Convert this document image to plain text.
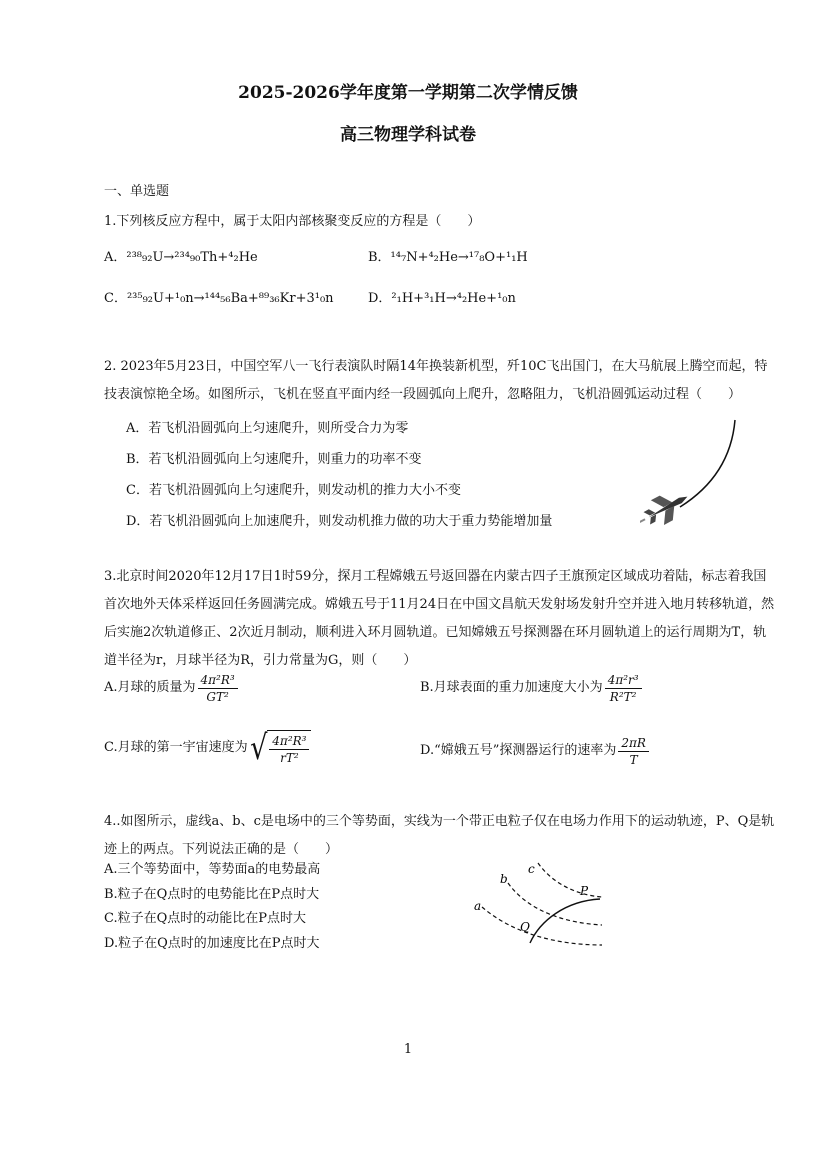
2025-2026学年度第一学期第二次学情反馈
高三物理学科试卷
一、单选题
1.下列核反应方程中，属于太阳内部核聚变反应的方程是（　　）
A．²³⁸₉₂U→²³⁴₉₀Th+⁴₂He	B．¹⁴₇N+⁴₂He→¹⁷₈O+¹₁H
C．²³⁵₉₂U+¹₀n→¹⁴⁴₅₆Ba+⁸⁹₃₆Kr+3¹₀n	D．²₁H+³₁H→⁴₂He+¹₀n
2. 2023年5月23日，中国空军八一飞行表演队时隔14年换装新机型，歼10C飞出国门，在大马航展上腾空而起，特技表演惊艳全场。如图所示，飞机在竖直平面内经一段圆弧向上爬升，忽略阻力，飞机沿圆弧运动过程（　　）
A．若飞机沿圆弧向上匀速爬升，则所受合力为零
B．若飞机沿圆弧向上匀速爬升，则重力的功率不变
C．若飞机沿圆弧向上匀速爬升，则发动机的推力大小不变
D．若飞机沿圆弧向上加速爬升，则发动机推力做的功大于重力势能增加量
3.北京时间2020年12月17日1时59分，探月工程嫦娥五号返回器在内蒙古四子王旗预定区域成功着陆，标志着我国首次地外天体采样返回任务圆满完成。嫦娥五号于11月24日在中国文昌航天发射场发射升空并进入地月转移轨道，然后实施2次轨道修正、2次近月制动，顺利进入环月圆轨道。已知嫦娥五号探测器在环月圆轨道上的运行周期为T，轨道半径为r，月球半径为R，引力常量为G，则（　　）
A.月球的质量为 $\frac{\text{4π²R³}}{\text{GT²}}$	B.月球表面的重力加速度大小为 $\frac{\text{4π²r³}}{\text{R²T²}}$
C.月球的第一宇宙速度为 √ $\frac{\text{4π²R³}}{\text{rT²}}$	D.“嫦娥五号”探测器运行的速率为 $\frac{2\pi R}{T}$
4..如图所示，虚线a、b、c是电场中的三个等势面，实线为一个带正电粒子仅在电场力作用下的运动轨迹，P、Q是轨迹上的两点。下列说法正确的是（　　）
A.三个等势面中，等势面a的电势最高
B.粒子在Q点时的电势能比在P点时大
C.粒子在Q点时的动能比在P点时大
D.粒子在Q点时的加速度比在P点时大
c
b
a
P
Q
1
